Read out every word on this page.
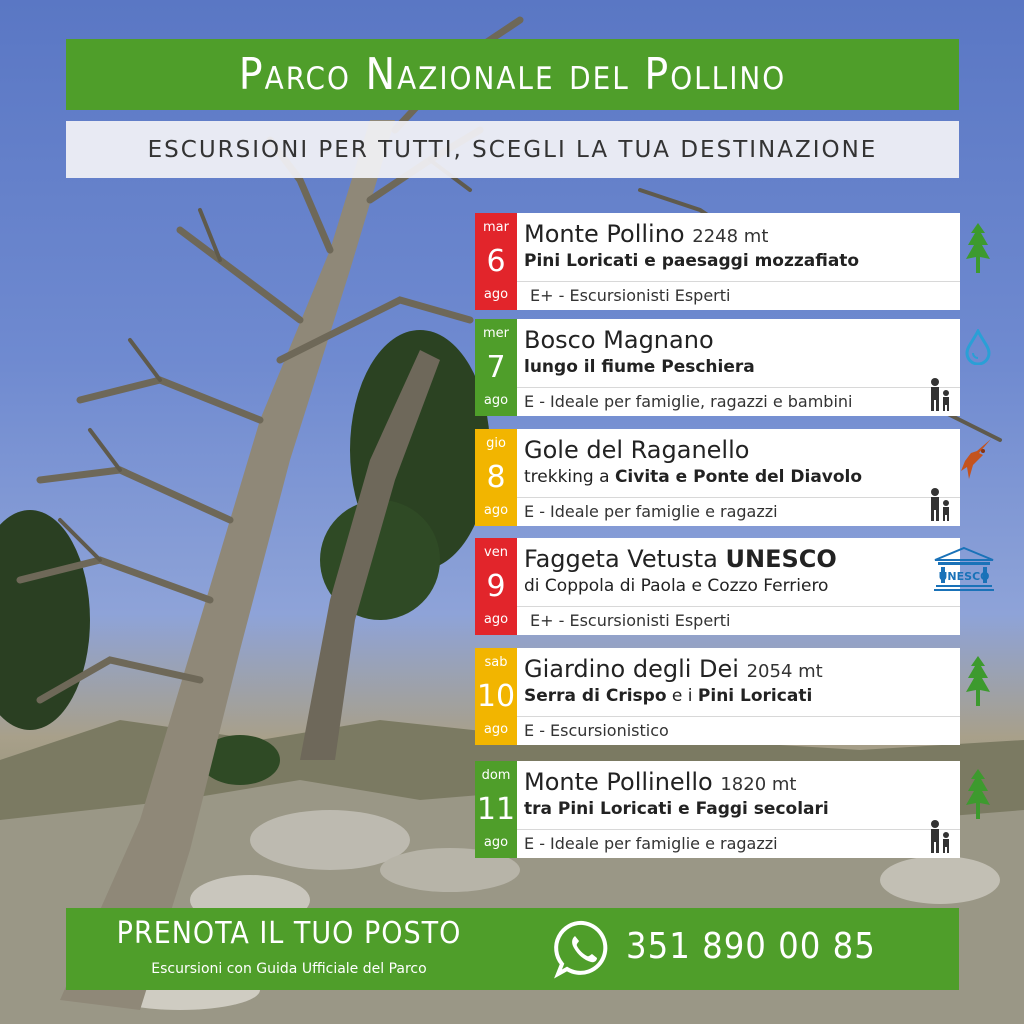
Parco Nazionale del Pollino
ESCURSIONI PER TUTTI, SCEGLI LA TUA DESTINAZIONE
mar
6
ago
Monte Pollino 2248 mt
Pini Loricati e paesaggi mozzafiato
E+ - Escursionisti Esperti
mer
7
ago
Bosco Magnano
lungo il fiume Peschiera
E - Ideale per famiglie, ragazzi e bambini
gio
8
ago
Gole del Raganello
trekking a Civita e Ponte del Diavolo
E - Ideale per famiglie e ragazzi
ven
9
ago
Faggeta Vetusta UNESCO
di Coppola di Paola e Cozzo Ferriero	UNESCO
E+ - Escursionisti Esperti
sab
10
ago
Giardino degli Dei 2054 mt
Serra di Crispo e i Pini Loricati
E - Escursionistico
dom
11
ago
Monte Pollinello 1820 mt
tra Pini Loricati e Faggi secolari
E - Ideale per famiglie e ragazzi
PRENOTA IL TUO POSTO
Escursioni con Guida Ufficiale del Parco
351 890 00 85
